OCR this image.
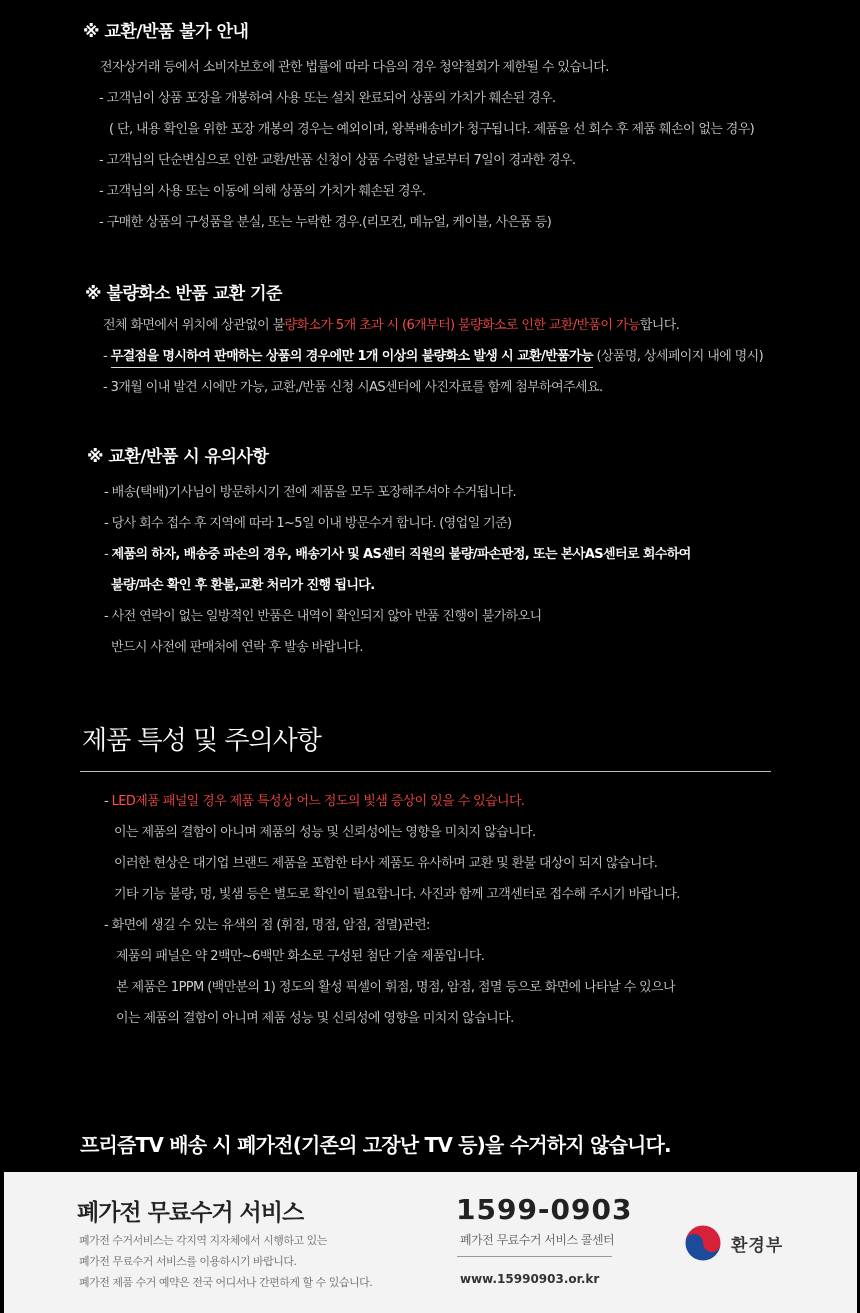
※ 교환/반품 불가 안내
전자상거래 등에서 소비자보호에 관한 법률에 따라 다음의 경우 청약철회가 제한될 수 있습니다.
- 고객님이 상품 포장을 개봉하여 사용 또는 설치 완료되어 상품의 가치가 훼손된 경우.
( 단, 내용 확인을 위한 포장 개봉의 경우는 예외이며, 왕복배송비가 청구됩니다. 제품을 선 회수 후 제품 훼손이 없는 경우)
- 고객님의 단순변심으로 인한 교환/반품 신청이 상품 수령한 날로부터 7일이 경과한 경우.
- 고객님의 사용 또는 이동에 의해 상품의 가치가 훼손된 경우.
- 구매한 상품의 구성품을 분실, 또는 누락한 경우.(리모컨, 메뉴얼, 케이블, 사은품 등)
※ 불량화소 반품 교환 기준
전체 화면에서 위치에 상관없이 불량화소가 5개 초과 시 (6개부터) 불량화소로 인한 교환/반품이 가능합니다.
- 무결점을 명시하여 판매하는 상품의 경우에만 1개 이상의 불량화소 발생 시 교환/반품가능 (상품명, 상세페이지 내에 명시)
- 3개월 이내 발견 시에만 가능, 교환,/반품 신청 시AS센터에 사진자료를 함께 첨부하여주세요.
※ 교환/반품 시 유의사항
- 배송(택배)기사님이 방문하시기 전에 제품을 모두 포장해주셔야 수거됩니다.
- 당사 회수 접수 후 지역에 따라 1~5일 이내 방문수거 합니다. (영업일 기준)
- 제품의 하자, 배송중 파손의 경우, 배송기사 및 AS센터 직원의 불량/파손판정, 또는 본사AS센터로 회수하여
불량/파손 확인 후 환불,교환 처리가 진행 됩니다.
- 사전 연락이 없는 일방적인 반품은 내역이 확인되지 않아 반품 진행이 불가하오니
반드시 사전에 판매처에 연락 후 발송 바랍니다.
제품 특성 및 주의사항
- LED제품 패널일 경우 제품 특성상 어느 정도의 빛샘 증상이 있을 수 있습니다.
이는 제품의 결함이 아니며 제품의 성능 및 신뢰성에는 영향을 미치지 않습니다.
이러한 현상은 대기업 브랜드 제품을 포함한 타사 제품도 유사하며 교환 및 환불 대상이 되지 않습니다.
기타 기능 불량, 멍, 빛샘 등은 별도로 확인이 필요합니다. 사진과 함께 고객센터로 접수해 주시기 바랍니다.
- 화면에 생길 수 있는 유색의 점 (휘점, 명점, 암점, 점멸)관련:
제품의 패널은 약 2백만~6백만 화소로 구성된 첨단 기술 제품입니다.
본 제품은 1PPM (백만분의 1) 정도의 활성 픽셀이 휘점, 명점, 암점, 점멸 등으로 화면에 나타날 수 있으나
이는 제품의 결함이 아니며 제품 성능 및 신뢰성에 영향을 미치지 않습니다.
프리즘TV 배송 시 폐가전(기존의 고장난 TV 등)을 수거하지 않습니다.
폐가전 무료수거 서비스
폐가전 수거서비스는 각지역 지자체에서 시행하고 있는
폐가전 무료수거 서비스를 이용하시기 바랍니다.
폐가전 제품 수거 예약은 전국 어디서나 간편하게 할 수 있습니다.
1599-0903
폐가전 무료수거 서비스 콜센터
www.15990903.or.kr
환경부
